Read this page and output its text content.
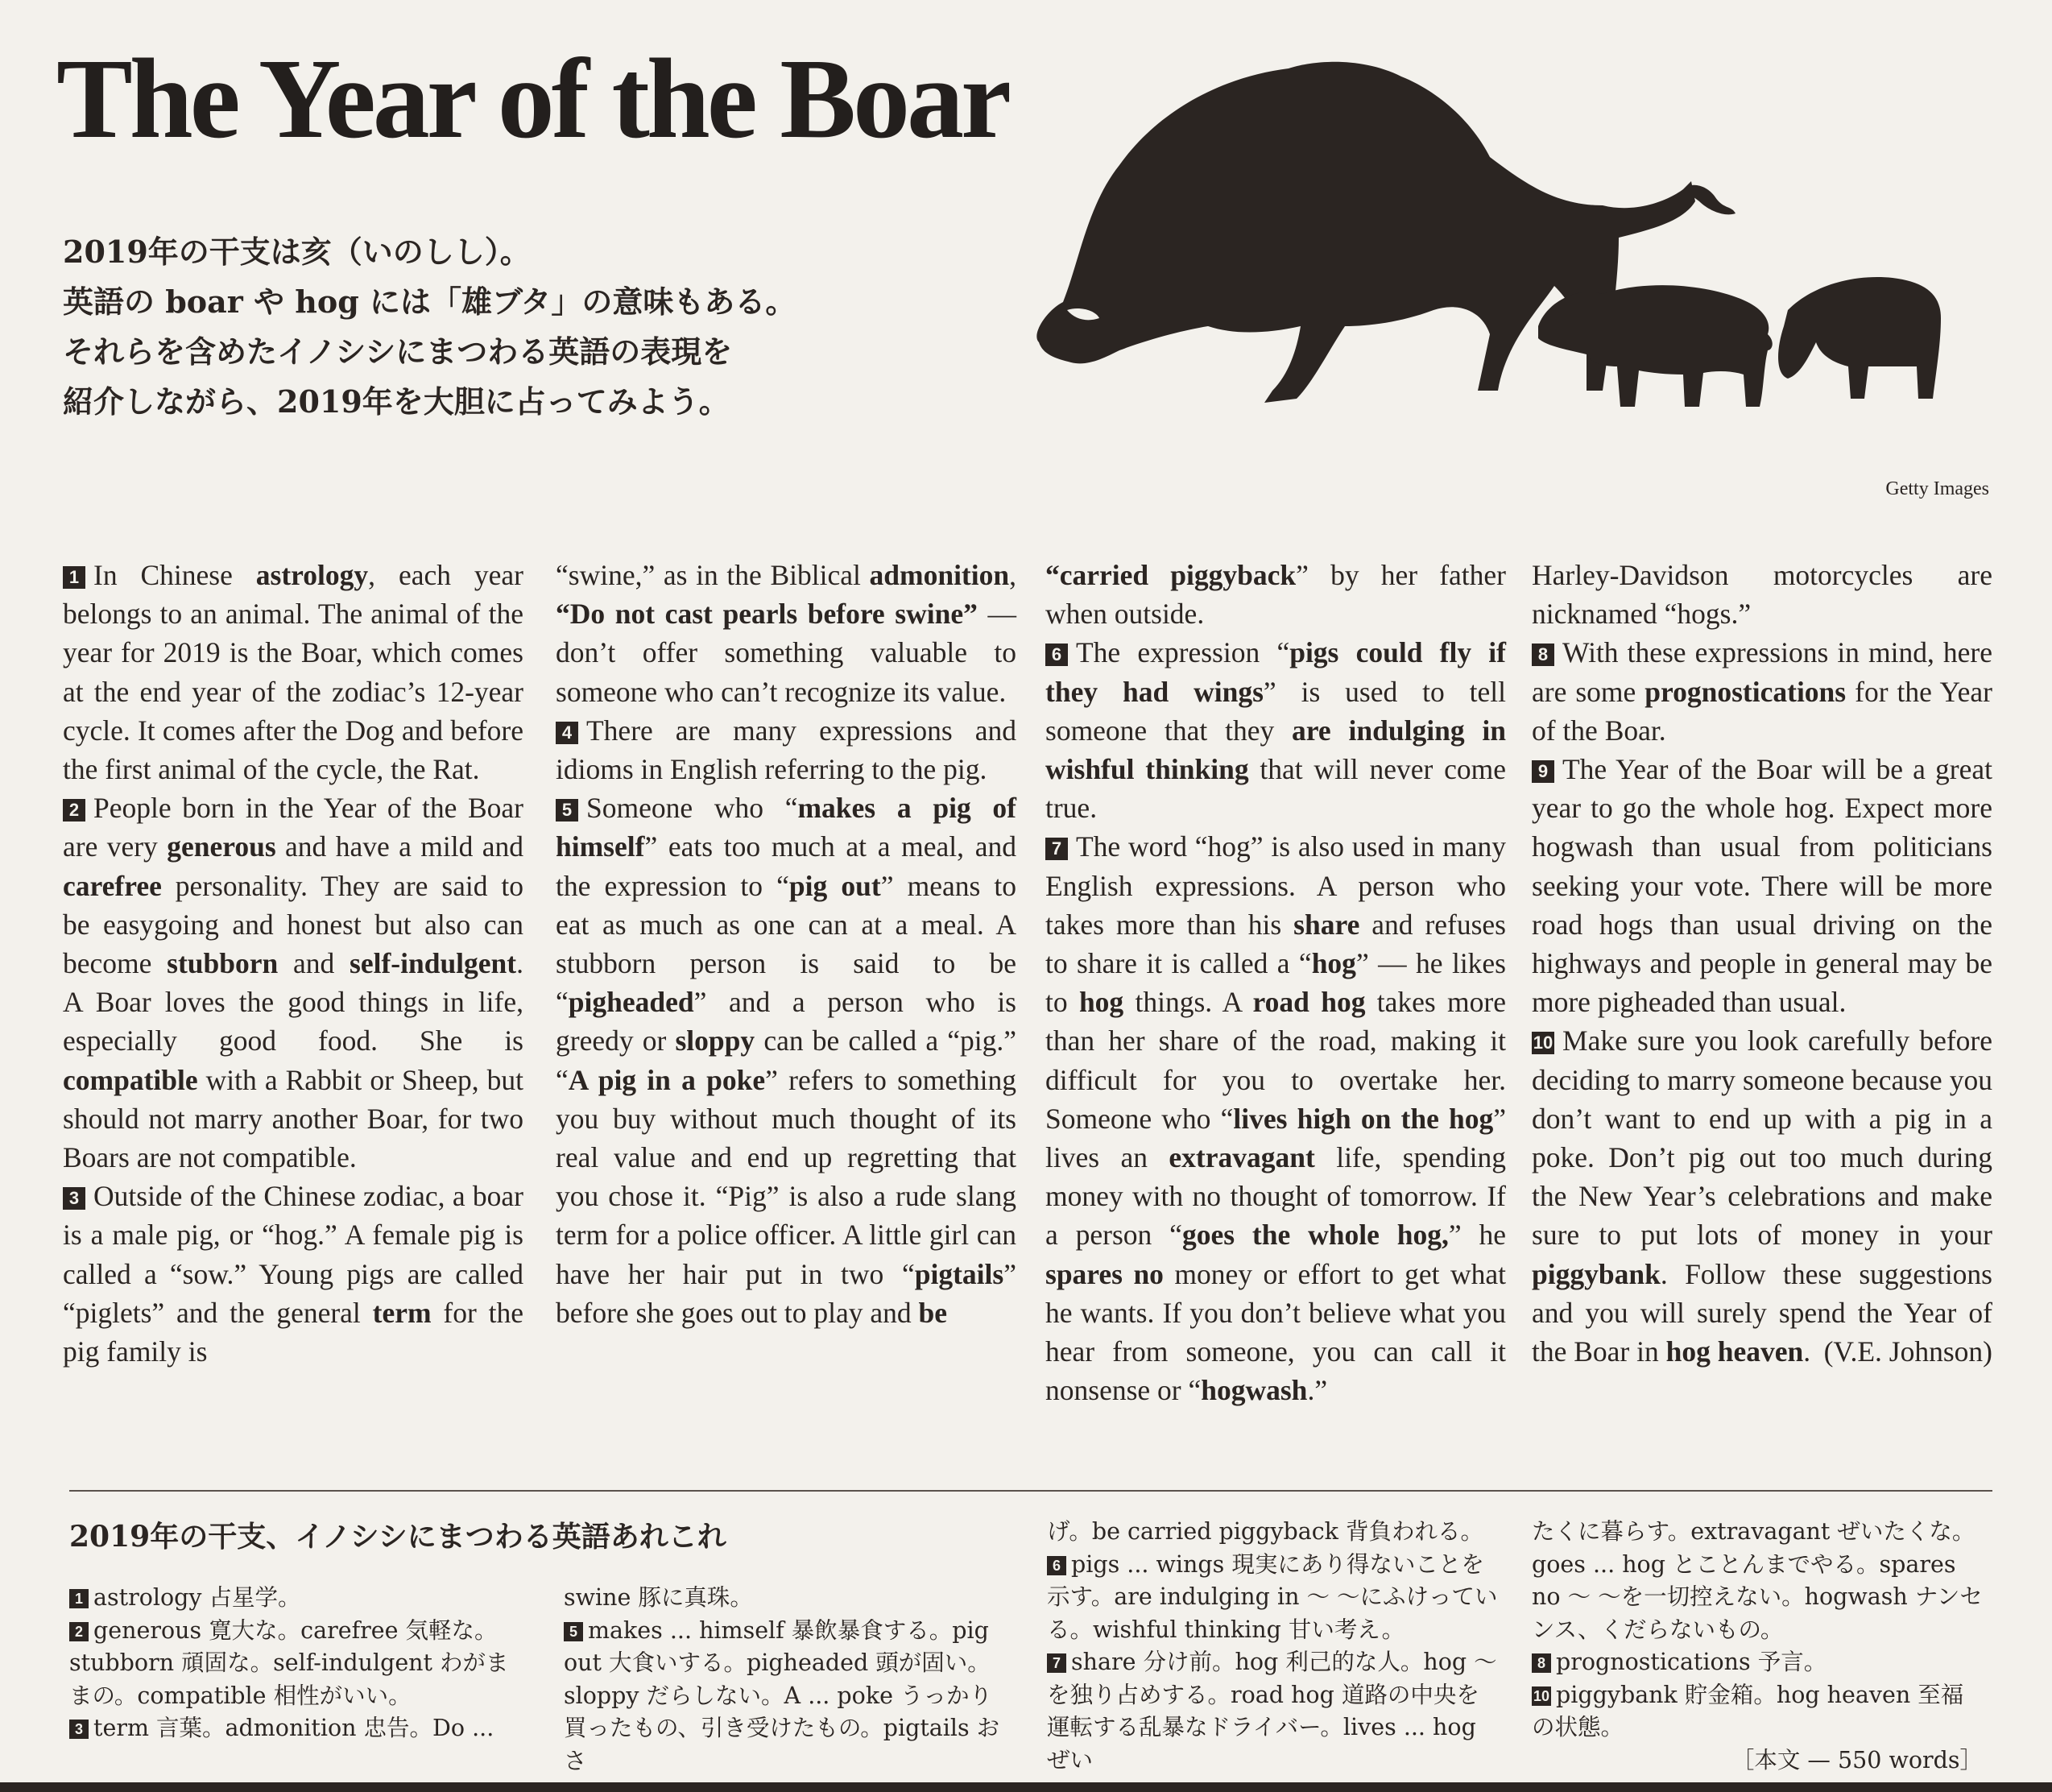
The Year of the Boar
2019年の干支は亥（いのしし）。
英語の boar や hog には「雄ブタ」の意味もある。
それらを含めたイノシシにまつわる英語の表現を
紹介しながら、2019年を大胆に占ってみよう。
Getty Images

1 In Chinese astrology, each year belongs to an animal. The animal of the year for 2019 is the Boar, which comes at the end year of the zodiac’s 12-year cycle. It comes after the Dog and before the first animal of the cycle, the Rat.

2 People born in the Year of the Boar are very generous and have a mild and carefree personality. They are said to be easygoing and honest but also can become stubborn and self-indulgent. A Boar loves the good things in life, especially good food. She is compatible with a Rabbit or Sheep, but should not marry another Boar, for two Boars are not compatible.

3 Outside of the Chinese zodiac, a boar is a male pig, or “hog.” A female pig is called a “sow.” Young pigs are called “piglets” and the general term for the pig family is

“swine,” as in the Biblical admonition, “Do not cast pearls before swine” — don’t offer something valuable to someone who can’t recognize its value.

4 There are many expressions and idioms in English referring to the pig.

5 Someone who “makes a pig of himself” eats too much at a meal, and the expression to “pig out” means to eat as much as one can at a meal. A stubborn person is said to be “pigheaded” and a person who is greedy or sloppy can be called a “pig.” “A pig in a poke” refers to something you buy without much thought of its real value and end up regretting that you chose it. “Pig” is also a rude slang term for a police officer. A little girl can have her hair put in two “pigtails” before she goes out to play and be

“carried piggyback” by her father when outside.

6 The expression “pigs could fly if they had wings” is used to tell someone that they are indulging in wishful thinking that will never come true.

7 The word “hog” is also used in many English expressions. A person who takes more than his share and refuses to share it is called a “hog” — he likes to hog things. A road hog takes more than her share of the road, making it difficult for you to overtake her. Someone who “lives high on the hog” lives an extravagant life, spending money with no thought of tomorrow. If a person “goes the whole hog,” he spares no money or effort to get what he wants. If you don’t believe what you hear from someone, you can call it nonsense or “hogwash.”

Harley-Davidson motorcycles are nicknamed “hogs.”

8 With these expressions in mind, here are some prognostications for the Year of the Boar.

9 The Year of the Boar will be a great year to go the whole hog. Expect more hogwash than usual from politicians seeking your vote. There will be more road hogs than usual driving on the highways and people in general may be more pigheaded than usual.

10 Make sure you look carefully before deciding to marry someone because you don’t want to end up with a pig in a poke. Don’t pig out too much during the New Year’s celebrations and make sure to put lots of money in your piggybank. Follow these suggestions and you will surely spend the Year of the Boar in hog heaven. (V.E. Johnson)

2019年の干支、イノシシにまつわる英語あれこれ

1 astrology 占星学。

2 generous 寛大な。carefree 気軽な。stubborn 頑固な。self-indulgent わがままの。compatible 相性がいい。

3 term 言葉。admonition 忠告。Do ...

swine 豚に真珠。

5 makes ... himself 暴飲暴食する。pig out 大食いする。pigheaded 頭が固い。sloppy だらしない。A ... poke うっかり買ったもの、引き受けたもの。pigtails おさ

げ。be carried piggyback 背負われる。

6 pigs ... wings 現実にあり得ないことを示す。are indulging in 〜 〜にふけっている。wishful thinking 甘い考え。

7 share 分け前。hog 利己的な人。hog 〜 を独り占めする。road hog 道路の中央を運転する乱暴なドライバー。lives ... hog ぜい

たくに暮らす。extravagant ぜいたくな。goes ... hog とことんまでやる。spares no 〜 〜を一切控えない。hogwash ナンセンス、くだらないもの。

8 prognostications 予言。

10 piggybank 貯金箱。hog heaven 至福の状態。

［本文 — 550 words］
